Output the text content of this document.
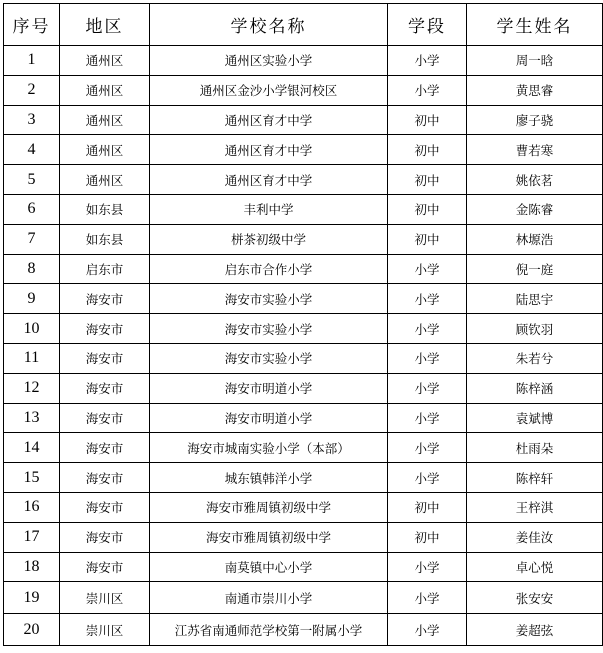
序号	地区	学校名称	学段	学生姓名
1	通州区	通州区实验小学	小学	周一晗
2	通州区	通州区金沙小学银河校区	小学	黄思睿
3	通州区	通州区育才中学	初中	廖子骁
4	通州区	通州区育才中学	初中	曹若寒
5	通州区	通州区育才中学	初中	姚依茗
6	如东县	丰利中学	初中	金陈睿
7	如东县	栟茶初级中学	初中	林塬浩
8	启东市	启东市合作小学	小学	倪一庭
9	海安市	海安市实验小学	小学	陆思宇
10	海安市	海安市实验小学	小学	顾钦羽
11	海安市	海安市实验小学	小学	朱若兮
12	海安市	海安市明道小学	小学	陈梓涵
13	海安市	海安市明道小学	小学	袁斌博
14	海安市	海安市城南实验小学（本部）	小学	杜雨朵
15	海安市	城东镇韩洋小学	小学	陈梓轩
16	海安市	海安市雅周镇初级中学	初中	王梓淇
17	海安市	海安市雅周镇初级中学	初中	姜佳汝
18	海安市	南莫镇中心小学	小学	卓心悦
19	崇川区	南通市崇川小学	小学	张安安
20	崇川区	江苏省南通师范学校第一附属小学	小学	姜超弦
